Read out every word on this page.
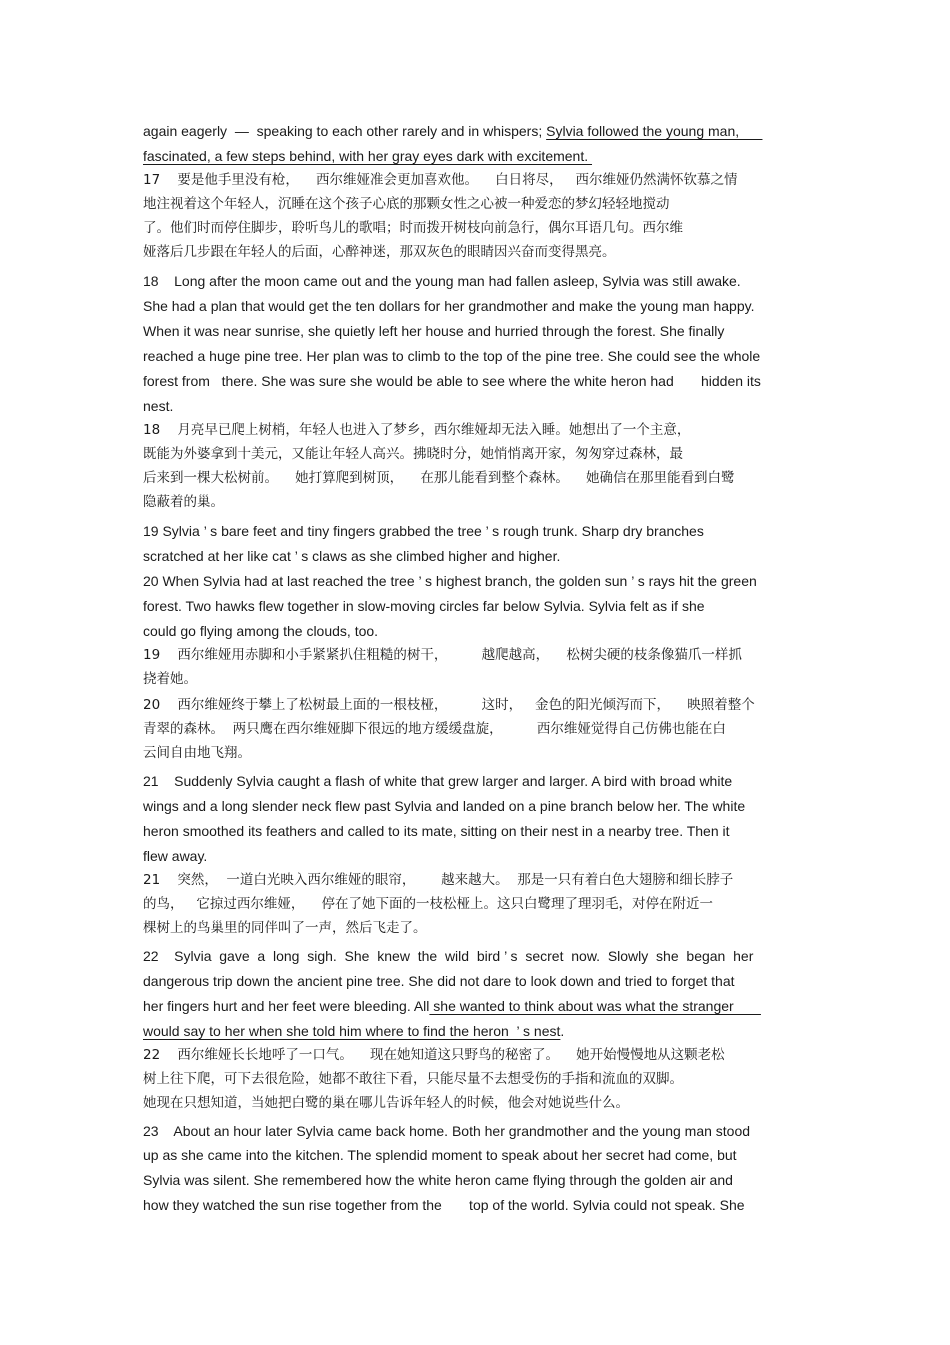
again eagerly  —  speaking to each other rarely and in whispers; Sylvia followed the young man,
fascinated, a few steps behind, with her gray eyes dark with excitement.
17    要是他手里没有枪，    西尔维娅准会更加喜欢他。    白日将尽，   西尔维娅仍然满怀钦慕之情
地注视着这个年轻人，沉睡在这个孩子心底的那颗女性之心被一种爱恋的梦幻轻轻地搅动
了。他们时而停住脚步，聆听鸟儿的歌唱；时而拨开树枝向前急行，偶尔耳语几句。西尔维
娅落后几步跟在年轻人的后面，心醉神迷，那双灰色的眼睛因兴奋而变得黑亮。
18    Long after the moon came out and the young man had fallen asleep, Sylvia was still awake.
She had a plan that would get the ten dollars for her grandmother and make the young man happy.
When it was near sunrise, she quietly left her house and hurried through the forest. She finally
reached a huge pine tree. Her plan was to climb to the top of the pine tree. She could see the whole
forest from   there. She was sure she would be able to see where the white heron had       hidden its
nest.
18    月亮早已爬上树梢，年轻人也进入了梦乡，西尔维娅却无法入睡。她想出了一个主意，
既能为外婆拿到十美元，又能让年轻人高兴。拂晓时分，她悄悄离开家，匆匆穿过森林，最
后来到一棵大松树前。    她打算爬到树顶，    在那儿能看到整个森林。    她确信在那里能看到白鹭
隐蔽着的巢。
19 Sylvia ’ s bare feet and tiny fingers grabbed the tree ’ s rough trunk. Sharp dry branches
scratched at her like cat ’ s claws as she climbed higher and higher.
20 When Sylvia had at last reached the tree ’ s highest branch, the golden sun ’ s rays hit the green
forest. Two hawks flew together in slow-moving circles far below Sylvia. Sylvia felt as if she
could go flying among the clouds, too.
19    西尔维娅用赤脚和小手紧紧扒住粗糙的树干，        越爬越高，    松树尖硬的枝条像猫爪一样抓
挠着她。
20    西尔维娅终于攀上了松树最上面的一根枝桠，        这时，   金色的阳光倾泻而下，    映照着整个
青翠的森林。  两只鹰在西尔维娅脚下很远的地方缓缓盘旋，        西尔维娅觉得自己仿佛也能在白
云间自由地飞翔。
21    Suddenly Sylvia caught a flash of white that grew larger and larger. A bird with broad white
wings and a long slender neck flew past Sylvia and landed on a pine branch below her. The white
heron smoothed its feathers and called to its mate, sitting on their nest in a nearby tree. Then it
flew away.
21    突然，  一道白光映入西尔维娅的眼帘，      越来越大。  那是一只有着白色大翅膀和细长脖子
的鸟，   它掠过西尔维娅，    停在了她下面的一枝松桠上。这只白鹭理了理羽毛，对停在附近一
棵树上的鸟巢里的同伴叫了一声，然后飞走了。
22    Sylvia  gave  a  long  sigh.  She  knew  the  wild  bird ’ s  secret  now.  Slowly  she  began  her
dangerous trip down the ancient pine tree. She did not dare to look down and tried to forget that
her fingers hurt and her feet were bleeding. All she wanted to think about was what the stranger
would say to her when she told him where to find the heron  ’ s nest.
22    西尔维娅长长地呼了一口气。    现在她知道这只野鸟的秘密了。    她开始慢慢地从这颗老松
树上往下爬，可下去很危险，她都不敢往下看，只能尽量不去想受伤的手指和流血的双脚。
她现在只想知道，当她把白鹭的巢在哪儿告诉年轻人的时候，他会对她说些什么。
23    About an hour later Sylvia came back home. Both her grandmother and the young man stood
up as she came into the kitchen. The splendid moment to speak about her secret had come, but
Sylvia was silent. She remembered how the white heron came flying through the golden air and
how they watched the sun rise together from the       top of the world. Sylvia could not speak. She
